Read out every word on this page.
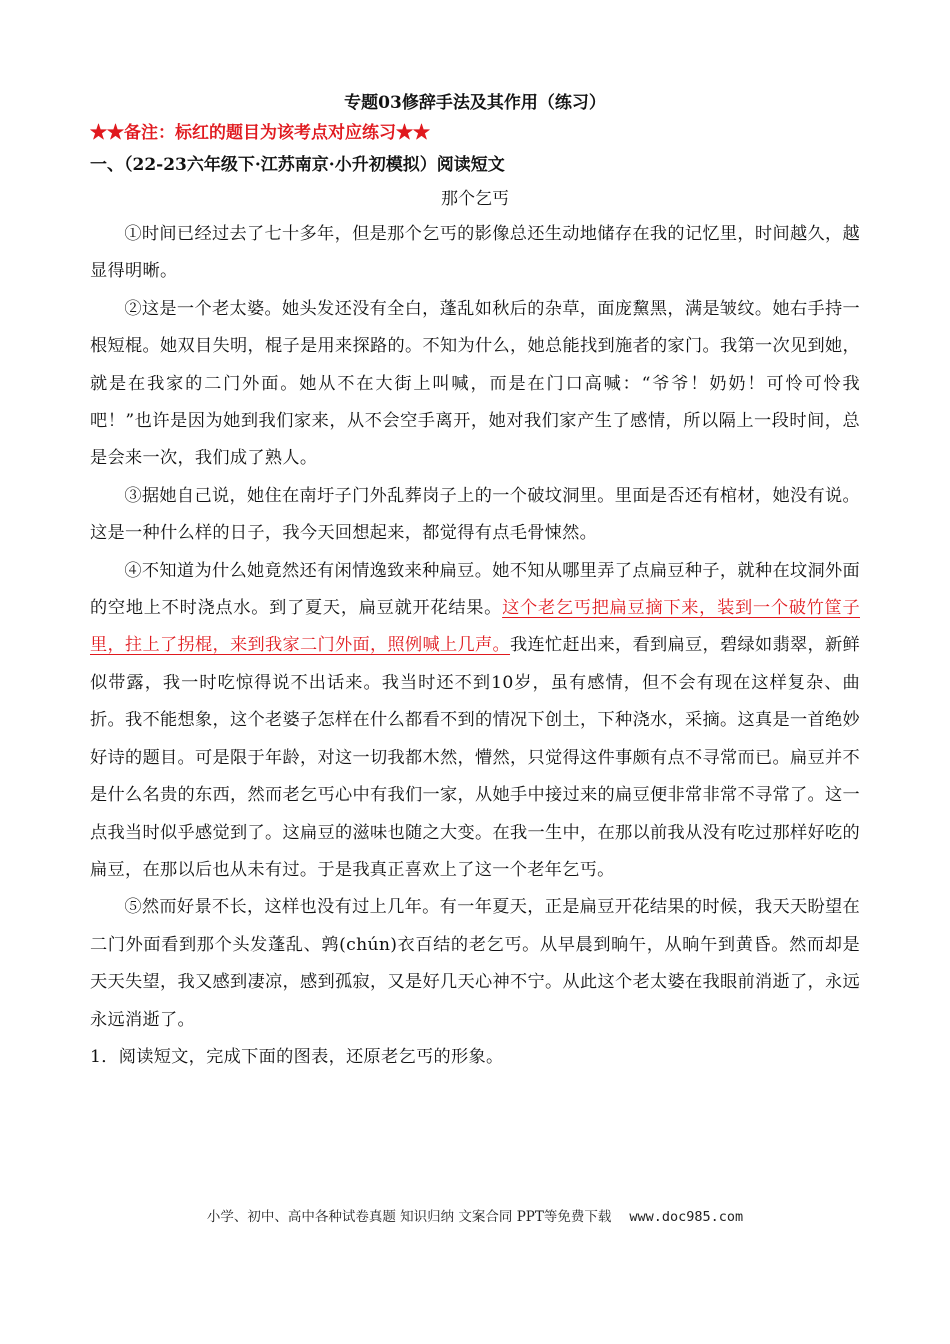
专题03修辞手法及其作用（练习）

★★备注：标红的题目为该考点对应练习★★

一、（22-23六年级下·江苏南京·小升初模拟）阅读短文

那个乞丐

①时间已经过去了七十多年，但是那个乞丐的影像总还生动地储存在我的记忆里，时间越久，越显得明晰。

②这是一个老太婆。她头发还没有全白，蓬乱如秋后的杂草，面庞黧黑，满是皱纹。她右手持一根短棍。她双目失明，棍子是用来探路的。不知为什么，她总能找到施者的家门。我第一次见到她，就是在我家的二门外面。她从不在大街上叫喊，而是在门口高喊：“爷爷！奶奶！可怜可怜我吧！”也许是因为她到我们家来，从不会空手离开，她对我们家产生了感情，所以隔上一段时间，总是会来一次，我们成了熟人。

③据她自己说，她住在南圩子门外乱葬岗子上的一个破坟洞里。里面是否还有棺材，她没有说。这是一种什么样的日子，我今天回想起来，都觉得有点毛骨悚然。

④不知道为什么她竟然还有闲情逸致来种扁豆。她不知从哪里弄了点扁豆种子，就种在坟洞外面的空地上不时浇点水。到了夏天，扁豆就开花结果。这个老乞丐把扁豆摘下来，装到一个破竹筐子里，拄上了拐棍，来到我家二门外面，照例喊上几声。我连忙赶出来，看到扁豆，碧绿如翡翠，新鲜似带露，我一时吃惊得说不出话来。我当时还不到10岁，虽有感情，但不会有现在这样复杂、曲折。我不能想象，这个老婆子怎样在什么都看不到的情况下创土，下种浇水，采摘。这真是一首绝妙好诗的题目。可是限于年龄，对这一切我都木然，懵然，只觉得这件事颇有点不寻常而已。扁豆并不是什么名贵的东西，然而老乞丐心中有我们一家，从她手中接过来的扁豆便非常非常不寻常了。这一点我当时似乎感觉到了。这扁豆的滋味也随之大变。在我一生中，在那以前我从没有吃过那样好吃的扁豆，在那以后也从未有过。于是我真正喜欢上了这一个老年乞丐。

⑤然而好景不长，这样也没有过上几年。有一年夏天，正是扁豆开花结果的时候，我天天盼望在二门外面看到那个头发蓬乱、鹑(chún)衣百结的老乞丐。从早晨到晌午，从晌午到黄昏。然而却是天天失望，我又感到凄凉，感到孤寂，又是好几天心神不宁。从此这个老太婆在我眼前消逝了，永远永远消逝了。

1．阅读短文，完成下面的图表，还原老乞丐的形象。

小学、初中、高中各种试卷真题 知识归纳 文案合同 PPT等免费下载 www.doc985.com
